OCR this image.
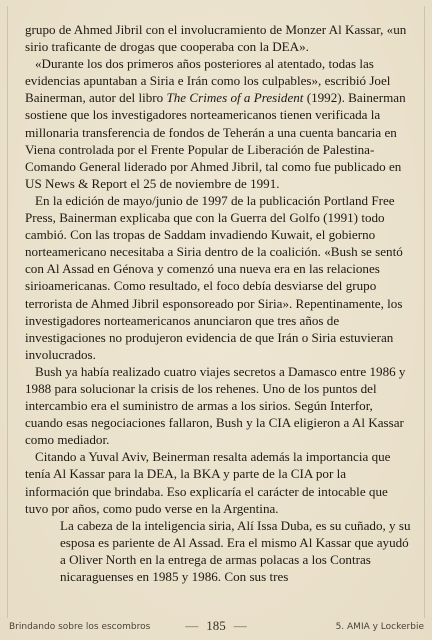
grupo de Ahmed Jibril con el involucramiento de Monzer Al Kassar, «un sirio traficante de drogas que cooperaba con la DEA».

«Durante los dos primeros años posteriores al atentado, todas las evidencias apuntaban a Siria e Irán como los culpables», escribió Joel Bainerman, autor del libro The Crimes of a President (1992). Bainerman sostiene que los investigadores norteamericanos tienen verificada la millonaria transferencia de fondos de Teherán a una cuenta bancaria en Viena controlada por el Frente Popular de Liberación de Palestina-Comando General liderado por Ahmed Jibril, tal como fue publicado en US News & Report el 25 de noviembre de 1991.

En la edición de mayo/junio de 1997 de la publicación Portland Free Press, Bainerman explicaba que con la Guerra del Golfo (1991) todo cambió. Con las tropas de Saddam invadiendo Kuwait, el gobierno norteamericano necesitaba a Siria dentro de la coalición. «Bush se sentó con Al Assad en Génova y comenzó una nueva era en las relaciones sirioamericanas. Como resultado, el foco debía desviarse del grupo terrorista de Ahmed Jibril esponsoreado por Siria». Repentinamente, los investigadores norteamericanos anunciaron que tres años de investigaciones no produjeron evidencia de que Irán o Siria estuvieran involucrados.

Bush ya había realizado cuatro viajes secretos a Damasco entre 1986 y 1988 para solucionar la crisis de los rehenes. Uno de los puntos del intercambio era el suministro de armas a los sirios. Según Interfor, cuando esas negociaciones fallaron, Bush y la CIA eligieron a Al Kassar como mediador.

Citando a Yuval Aviv, Beinerman resalta además la importancia que tenía Al Kassar para la DEA, la BKA y parte de la CIA por la información que brindaba. Eso explicaría el carácter de intocable que tuvo por años, como pudo verse en la Argentina.

La cabeza de la inteligencia siria, Alí Issa Duba, es su cuñado, y su esposa es pariente de Al Assad. Era el mismo Al Kassar que ayudó a Oliver North en la entrega de armas polacas a los Contras nicaraguenses en 1985 y 1986. Con sus tres

Brindando sobre los escombros	— 185 —	5. AMIA y Lockerbie
